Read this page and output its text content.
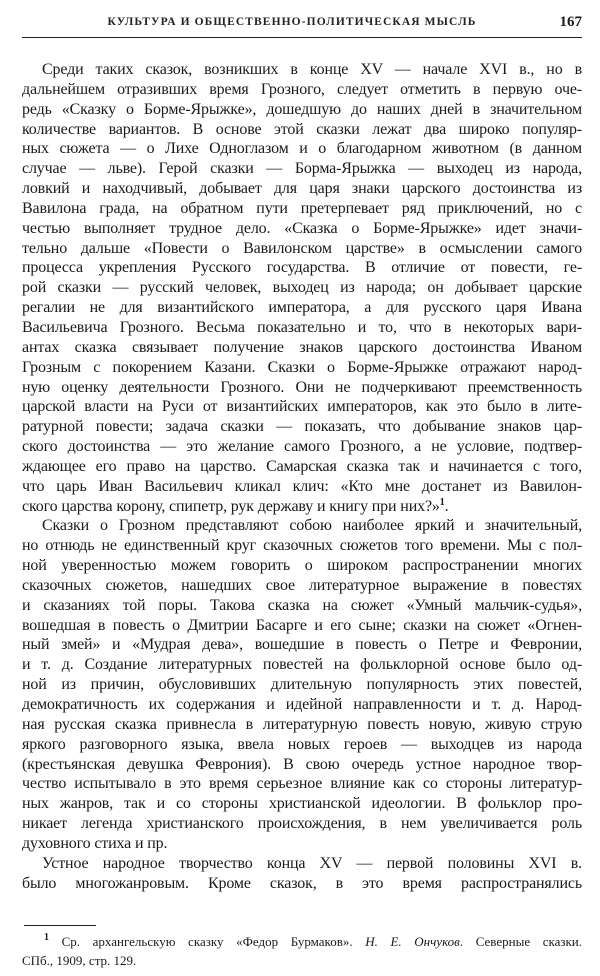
КУЛЬТУРА И ОБЩЕСТВЕННО-ПОЛИТИЧЕСКАЯ МЫСЛЬ	167
Среди таких сказок, возникших в конце XV — начале XVI в., но в
дальнейшем отразивших время Грозного, следует отметить в первую оче-
редь «Сказку о Борме-Ярыжке», дошедшую до наших дней в значительном
количестве вариантов. В основе этой сказки лежат два широко популяр-
ных сюжета — о Лихе Одноглазом и о благодарном животном (в данном
случае — льве). Герой сказки — Борма-Ярыжка — выходец из народа,
ловкий и находчивый, добывает для царя знаки царского достоинства из
Вавилона града, на обратном пути претерпевает ряд приключений, но с
честью выполняет трудное дело. «Сказка о Борме-Ярыжке» идет значи-
тельно дальше «Повести о Вавилонском царстве» в осмыслении самого
процесса укрепления Русского государства. В отличие от повести, ге-
рой сказки — русский человек, выходец из народа; он добывает царские
регалии не для византийского императора, а для русского царя Ивана
Васильевича Грозного. Весьма показательно и то, что в некоторых вари-
антах сказка связывает получение знаков царского достоинства Иваном
Грозным с покорением Казани. Сказки о Борме-Ярыжке отражают народ-
ную оценку деятельности Грозного. Они не подчеркивают преемственность
царской власти на Руси от византийских императоров, как это было в лите-
ратурной повести; задача сказки — показать, что добывание знаков цар-
ского достоинства — это желание самого Грозного, а не условие, подтвер-
ждающее его право на царство. Самарская сказка так и начинается с того,
что царь Иван Васильевич кликал клич: «Кто мне достанет из Вавилон-
ского царства корону, спипетр, рук державу и книгу при них?»$^1$.
Сказки о Грозном представляют собою наиболее яркий и значительный,
но отнюдь не единственный круг сказочных сюжетов того времени. Мы с пол-
ной уверенностью можем говорить о широком распространении многих
сказочных сюжетов, нашедших свое литературное выражение в повестях
и сказаниях той поры. Такова сказка на сюжет «Умный мальчик-судья»,
вошедшая в повесть о Дмитрии Басарге и его сыне; сказки на сюжет «Огнен-
ный змей» и «Мудрая дева», вошедшие в повесть о Петре и Февронии,
и т. д. Создание литературных повестей на фольклорной основе было од-
ной из причин, обусловивших длительную популярность этих повестей,
демократичность их содержания и идейной направленности и т. д. Народ-
ная русская сказка привнесла в литературную повесть новую, живую струю
яркого разговорного языка, ввела новых героев — выходцев из народа
(крестьянская девушка Феврония). В свою очередь устное народное твор-
чество испытывало в это время серьезное влияние как со стороны литератур-
ных жанров, так и со стороны христианской идеологии. В фольклор про-
никает легенда христианского происхождения, в нем увеличивается роль
духовного стиха и пр.
Устное народное творчество конца XV — первой половины XVI в.
было многожанровым. Кроме сказок, в это время распространялись
$^1$ Ср. архангельскую сказку «Федор Бурмаков». Н. Е. Ончуков. Северные сказки.
СПб., 1909, стр. 129.
